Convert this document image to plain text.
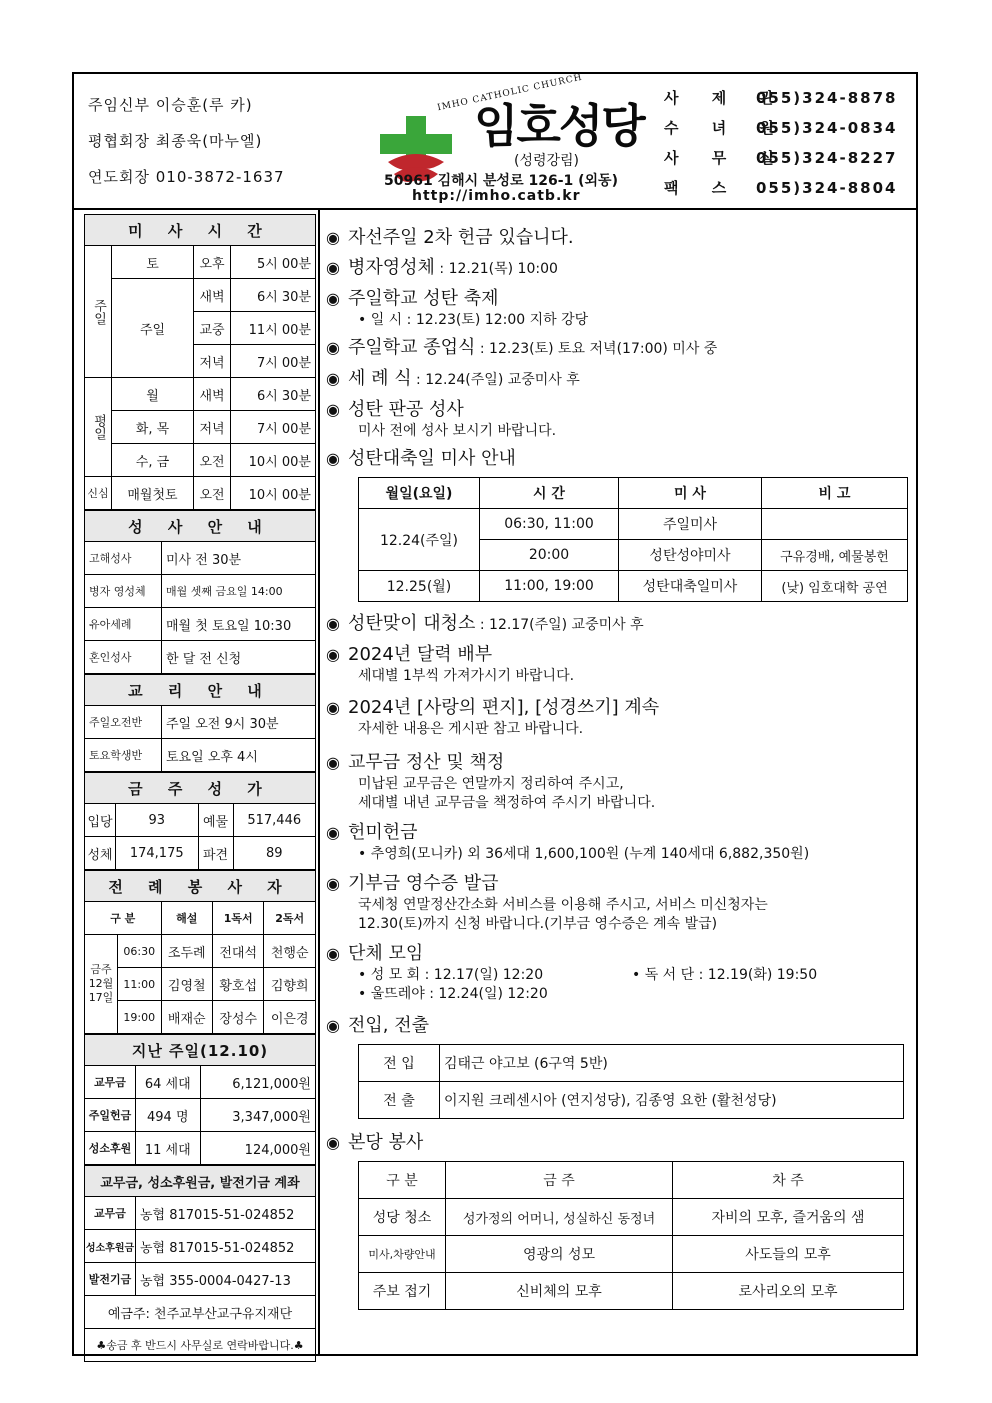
주임신부 이승훈(루 카)
평협회장 최종욱(마누엘)
연도회장 010-3872-1637
IMHO CATHOLIC CHURCH
임호성당
(성령강림)
50961 김해시 분성로 126-1 (외동)
http://imho.catb.kr
사 제 관
055)324-8878
수 녀 원
055)324-0834
사 무 실
055)324-8227
팩 스	055)324-8804
미 사 시 간			
주일	토	오후	5시 00분
	주일	새벽	6시 30분
		교중	11시 00분
		저녁	7시 00분
평일	월	새벽	6시 30분
	화, 목	저녁	7시 00분
	수, 금	오전	10시 00분
신심	매월첫토	오전	10시 00분
성 사 안 내	
고해성사	미사 전 30분
병자 영성체	매월 셋째 금요일 14:00
유아세례	매월 첫 토요일 10:30
혼인성사	한 달 전 신청
교 리 안 내	
주일오전반	주일 오전 9시 30분
토요학생반	토요일 오후 4시
금 주 성 가			
입당	93	예물	517,446
성체	174,175	파견	89
전 례 봉 사 자				
구 분		해설	1독서	2독서
금주 12월 17일	06:30	조두례	전대석	천행순
	11:00	김영철	황호섭	김향희
	19:00	배재순	장성수	이은경
지난 주일(12.10)		
교무금	64 세대	6,121,000원
주일헌금	494 명	3,347,000원
성소후원	11 세대	124,000원
교무금, 성소후원금, 발전기금 계좌	
교무금	농협 817015-51-024852
성소후원금	농협 817015-51-024852
발전기금	농협 355-0004-0427-13
예금주: 천주교부산교구유지재단	
♣송금 후 반드시 사무실로 연락바랍니다.♣	
◉ 자선주일 2차 헌금 있습니다.
◉ 병자영성체 : 12.21(목) 10:00
◉ 주일학교 성탄 축제
• 일 시 : 12.23(토) 12:00 지하 강당
◉ 주일학교 종업식 : 12.23(토) 토요 저녁(17:00) 미사 중
◉ 세 례 식 : 12.24(주일) 교중미사 후
◉ 성탄 판공 성사
미사 전에 성사 보시기 바랍니다.
◉ 성탄대축일 미사 안내
월일(요일)	시 간	미 사	비 고
12.24(주일)	06:30, 11:00	주일미사	
	20:00	성탄성야미사	구유경배, 예물봉헌
12.25(월)	11:00, 19:00	성탄대축일미사	(낮) 임호대학 공연
◉ 성탄맞이 대청소 : 12.17(주일) 교중미사 후
◉ 2024년 달력 배부
세대별 1부씩 가져가시기 바랍니다.
◉ 2024년 [사랑의 편지], [성경쓰기] 계속
자세한 내용은 게시판 참고 바랍니다.
◉ 교무금 정산 및 책정
미납된 교무금은 연말까지 정리하여 주시고,
세대별 내년 교무금을 책정하여 주시기 바랍니다.
◉ 헌미헌금
• 추영희(모니카) 외 36세대 1,600,100원 (누계 140세대 6,882,350원)
◉ 기부금 영수증 발급
국세청 연말정산간소화 서비스를 이용해 주시고, 서비스 미신청자는
12.30(토)까지 신청 바랍니다.(기부금 영수증은 계속 발급)
◉ 단체 모임
• 성 모 회 : 12.17(일) 12:20	• 독 서 단 : 12.19(화) 19:50
• 울뜨레야 : 12.24(일) 12:20
◉ 전입, 전출
전 입	김태근 야고보 (6구역 5반)
전 출	이지원 크레센시아 (연지성당), 김종영 요한 (활천성당)
◉ 본당 봉사
구 분	금 주	차 주
성당 청소	성가정의 어머니, 성실하신 동정녀	자비의 모후, 즐거움의 샘
미사,차량안내	영광의 성모	사도들의 모후
주보 접기	신비체의 모후	로사리오의 모후
